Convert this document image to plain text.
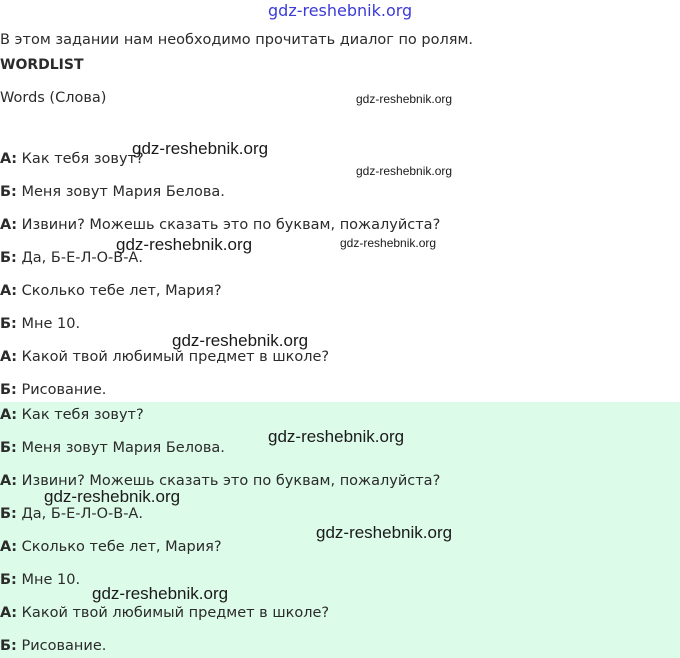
gdz-reshebnik.org
В этом задании нам необходимо прочитать диалог по ролям.
WORDLIST
Words (Слова)
А: Как тебя зовут?
Б: Меня зовут Мария Белова.
А: Извини? Можешь сказать это по буквам, пожалуйста?
Б: Да, Б-Е-Л-О-В-А.
А: Сколько тебе лет, Мария?
Б: Мне 10.
А: Какой твой любимый предмет в школе?
Б: Рисование.
А: Как тебя зовут?
Б: Меня зовут Мария Белова.
А: Извини? Можешь сказать это по буквам, пожалуйста?
Б: Да, Б-Е-Л-О-В-А.
А: Сколько тебе лет, Мария?
Б: Мне 10.
А: Какой твой любимый предмет в школе?
Б: Рисование.
gdz-reshebnik.org
gdz-reshebnik.org
gdz-reshebnik.org
gdz-reshebnik.org	gdz-reshebnik.org
gdz-reshebnik.org
gdz-reshebnik.org
gdz-reshebnik.org
gdz-reshebnik.org
gdz-reshebnik.org
